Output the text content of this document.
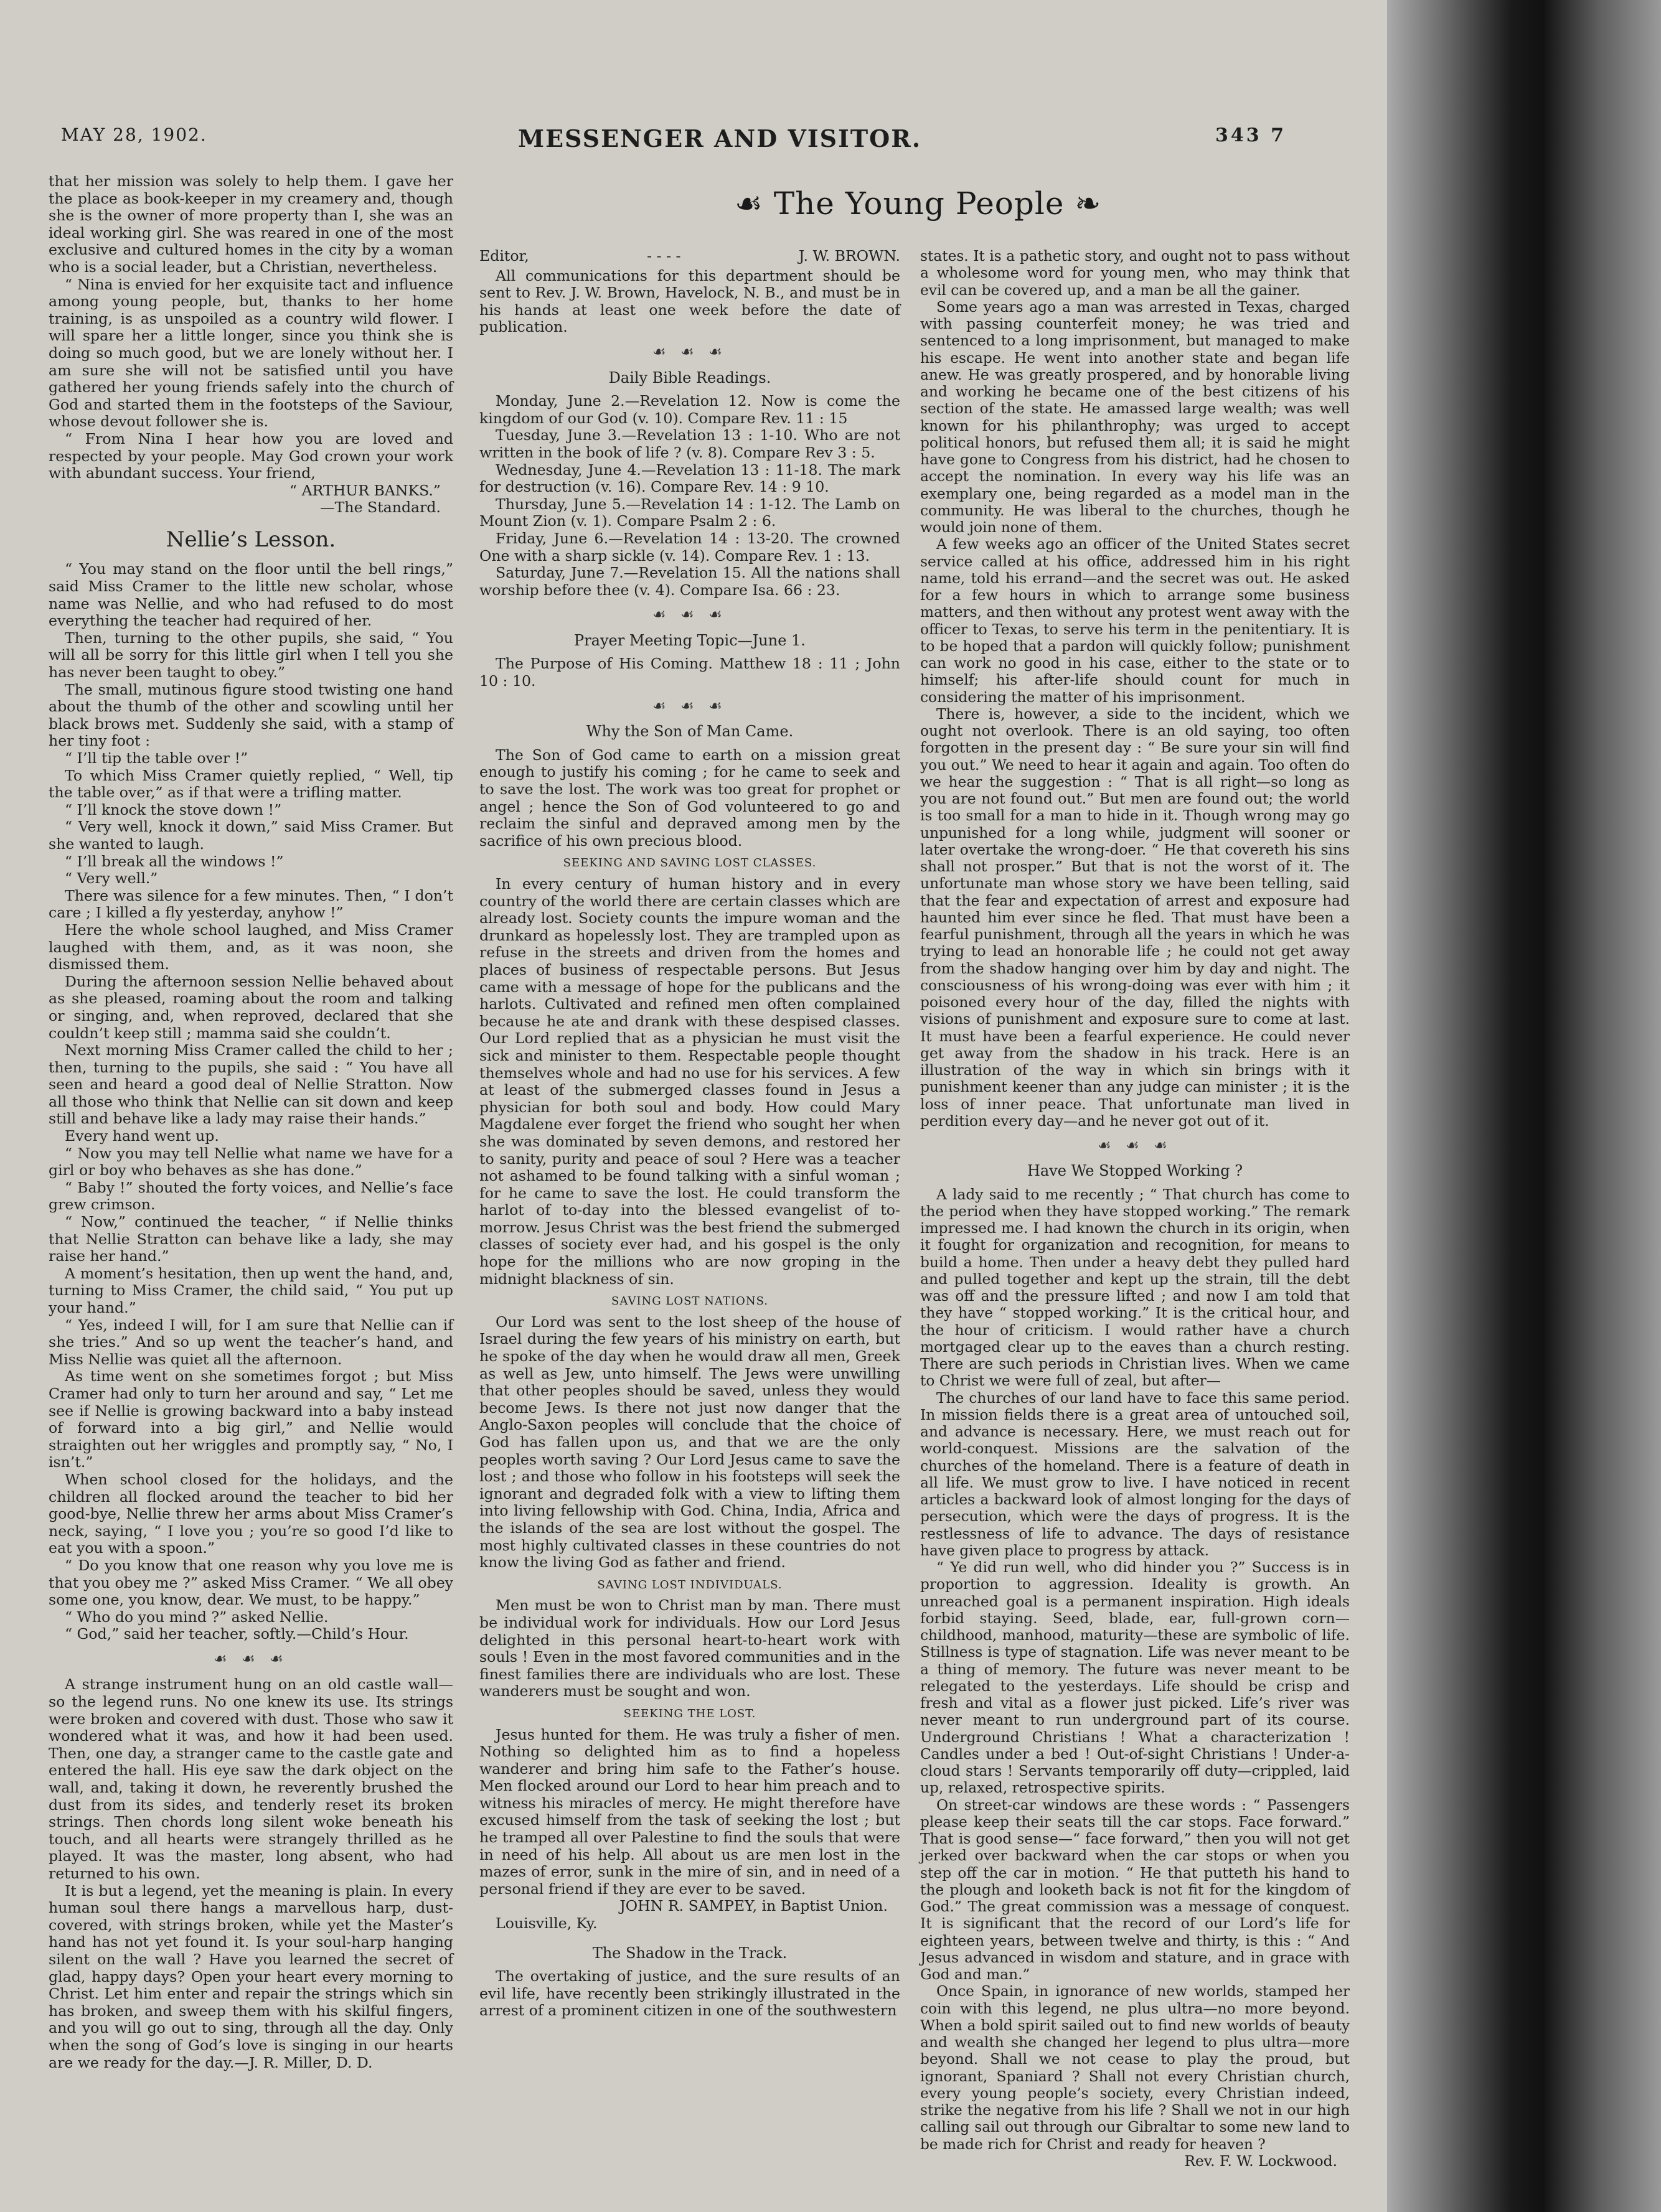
MAY 28, 1902.	MESSENGER AND VISITOR.	343 7
☙ The Young People ❧

that her mission was solely to help them. I gave her the place as book-keeper in my creamery and, though she is the owner of more property than I, she was an ideal working girl. She was reared in one of the most exclusive and cultured homes in the city by a woman who is a social leader, but a Christian, nevertheless.

“ Nina is envied for her exquisite tact and influence among young people, but, thanks to her home training, is as unspoiled as a country wild flower. I will spare her a little longer, since you think she is doing so much good, but we are lonely without her. I am sure she will not be satisfied until you have gathered her young friends safely into the church of God and started them in the footsteps of the Saviour, whose devout follower she is.

“ From Nina I hear how you are loved and respected by your people. May God crown your work with abundant success. Your friend,

“ ARTHUR BANKS.”

—The Standard.

Nellie’s Lesson.

“ You may stand on the floor until the bell rings,” said Miss Cramer to the little new scholar, whose name was Nellie, and who had refused to do most everything the teacher had required of her.

Then, turning to the other pupils, she said, “ You will all be sorry for this little girl when I tell you she has never been taught to obey.”

The small, mutinous figure stood twisting one hand about the thumb of the other and scowling until her black brows met. Suddenly she said, with a stamp of her tiny foot :

“ I’ll tip the table over !”

To which Miss Cramer quietly replied, “ Well, tip the table over,” as if that were a trifling matter.

“ I’ll knock the stove down !”

“ Very well, knock it down,” said Miss Cramer. But she wanted to laugh.

“ I’ll break all the windows !”

“ Very well.”

There was silence for a few minutes. Then, “ I don’t care ; I killed a fly yesterday, anyhow !”

Here the whole school laughed, and Miss Cramer laughed with them, and, as it was noon, she dismissed them.

During the afternoon session Nellie behaved about as she pleased, roaming about the room and talking or singing, and, when reproved, declared that she couldn’t keep still ; mamma said she couldn’t.

Next morning Miss Cramer called the child to her ; then, turning to the pupils, she said : “ You have all seen and heard a good deal of Nellie Stratton. Now all those who think that Nellie can sit down and keep still and behave like a lady may raise their hands.”

Every hand went up.

“ Now you may tell Nellie what name we have for a girl or boy who behaves as she has done.”

“ Baby !” shouted the forty voices, and Nellie’s face grew crimson.

“ Now,” continued the teacher, “ if Nellie thinks that Nellie Stratton can behave like a lady, she may raise her hand.”

A moment’s hesitation, then up went the hand, and, turning to Miss Cramer, the child said, “ You put up your hand.”

“ Yes, indeed I will, for I am sure that Nellie can if she tries.” And so up went the teacher’s hand, and Miss Nellie was quiet all the afternoon.

As time went on she sometimes forgot ; but Miss Cramer had only to turn her around and say, “ Let me see if Nellie is growing backward into a baby instead of forward into a big girl,” and Nellie would straighten out her wriggles and promptly say, “ No, I isn’t.”

When school closed for the holidays, and the children all flocked around the teacher to bid her good-bye, Nellie threw her arms about Miss Cramer’s neck, saying, “ I love you ; you’re so good I’d like to eat you with a spoon.”

“ Do you know that one reason why you love me is that you obey me ?” asked Miss Cramer. “ We all obey some one, you know, dear. We must, to be happy.”

“ Who do you mind ?” asked Nellie.

“ God,” said her teacher, softly.—Child’s Hour.

☙ ☙ ☙

A strange instrument hung on an old castle wall—so the legend runs. No one knew its use. Its strings were broken and covered with dust. Those who saw it wondered what it was, and how it had been used. Then, one day, a stranger came to the castle gate and entered the hall. His eye saw the dark object on the wall, and, taking it down, he reverently brushed the dust from its sides, and tenderly reset its broken strings. Then chords long silent woke beneath his touch, and all hearts were strangely thrilled as he played. It was the master, long absent, who had returned to his own.

It is but a legend, yet the meaning is plain. In every human soul there hangs a marvellous harp, dust-covered, with strings broken, while yet the Master’s hand has not yet found it. Is your soul-harp hanging silent on the wall ? Have you learned the secret of glad, happy days? Open your heart every morning to Christ. Let him enter and repair the strings which sin has broken, and sweep them with his skilful fingers, and you will go out to sing, through all the day. Only when the song of God’s love is singing in our hearts are we ready for the day.—J. R. Miller, D. D.

Editor,	- - - -	J. W. BROWN.

All communications for this department should be sent to Rev. J. W. Brown, Havelock, N. B., and must be in his hands at least one week before the date of publication.

☙ ☙ ☙
Daily Bible Readings.

Monday, June 2.—Revelation 12. Now is come the kingdom of our God (v. 10). Compare Rev. 11 : 15

Tuesday, June 3.—Revelation 13 : 1-10. Who are not written in the book of life ? (v. 8). Compare Rev 3 : 5.

Wednesday, June 4.—Revelation 13 : 11-18. The mark for destruction (v. 16). Compare Rev. 14 : 9 10.

Thursday, June 5.—Revelation 14 : 1-12. The Lamb on Mount Zion (v. 1). Compare Psalm 2 : 6.

Friday, June 6.—Revelation 14 : 13-20. The crowned One with a sharp sickle (v. 14). Compare Rev. 1 : 13.

Saturday, June 7.—Revelation 15. All the nations shall worship before thee (v. 4). Compare Isa. 66 : 23.

☙ ☙ ☙
Prayer Meeting Topic—June 1.

The Purpose of His Coming. Matthew 18 : 11 ; John 10 : 10.

☙ ☙ ☙
Why the Son of Man Came.

The Son of God came to earth on a mission great enough to justify his coming ; for he came to seek and to save the lost. The work was too great for prophet or angel ; hence the Son of God volunteered to go and reclaim the sinful and depraved among men by the sacrifice of his own precious blood.

SEEKING AND SAVING LOST CLASSES.

In every century of human history and in every country of the world there are certain classes which are already lost. Society counts the impure woman and the drunkard as hopelessly lost. They are trampled upon as refuse in the streets and driven from the homes and places of business of respectable persons. But Jesus came with a message of hope for the publicans and the harlots. Cultivated and refined men often complained because he ate and drank with these despised classes. Our Lord replied that as a physician he must visit the sick and minister to them. Respectable people thought themselves whole and had no use for his services. A few at least of the submerged classes found in Jesus a physician for both soul and body. How could Mary Magdalene ever forget the friend who sought her when she was dominated by seven demons, and restored her to sanity, purity and peace of soul ? Here was a teacher not ashamed to be found talking with a sinful woman ; for he came to save the lost. He could transform the harlot of to-day into the blessed evangelist of to-morrow. Jesus Christ was the best friend the submerged classes of society ever had, and his gospel is the only hope for the millions who are now groping in the midnight blackness of sin.

SAVING LOST NATIONS.

Our Lord was sent to the lost sheep of the house of Israel during the few years of his ministry on earth, but he spoke of the day when he would draw all men, Greek as well as Jew, unto himself. The Jews were unwilling that other peoples should be saved, unless they would become Jews. Is there not just now danger that the Anglo-Saxon peoples will conclude that the choice of God has fallen upon us, and that we are the only peoples worth saving ? Our Lord Jesus came to save the lost ; and those who follow in his footsteps will seek the ignorant and degraded folk with a view to lifting them into living fellowship with God. China, India, Africa and the islands of the sea are lost without the gospel. The most highly cultivated classes in these countries do not know the living God as father and friend.

SAVING LOST INDIVIDUALS.

Men must be won to Christ man by man. There must be individual work for individuals. How our Lord Jesus delighted in this personal heart-to-heart work with souls ! Even in the most favored communities and in the finest families there are individuals who are lost. These wanderers must be sought and won.

SEEKING THE LOST.

Jesus hunted for them. He was truly a fisher of men. Nothing so delighted him as to find a hopeless wanderer and bring him safe to the Father’s house. Men flocked around our Lord to hear him preach and to witness his miracles of mercy. He might therefore have excused himself from the task of seeking the lost ; but he tramped all over Palestine to find the souls that were in need of his help. All about us are men lost in the mazes of error, sunk in the mire of sin, and in need of a personal friend if they are ever to be saved.

JOHN R. SAMPEY, in Baptist Union.

Louisville, Ky.

The Shadow in the Track.

The overtaking of justice, and the sure results of an evil life, have recently been strikingly illustrated in the arrest of a prominent citizen in one of the southwestern

states. It is a pathetic story, and ought not to pass without a wholesome word for young men, who may think that evil can be covered up, and a man be all the gainer.

Some years ago a man was arrested in Texas, charged with passing counterfeit money; he was tried and sentenced to a long imprisonment, but managed to make his escape. He went into another state and began life anew. He was greatly prospered, and by honorable living and working he became one of the best citizens of his section of the state. He amassed large wealth; was well known for his philanthrophy; was urged to accept political honors, but refused them all; it is said he might have gone to Congress from his district, had he chosen to accept the nomination. In every way his life was an exemplary one, being regarded as a model man in the community. He was liberal to the churches, though he would join none of them.

A few weeks ago an officer of the United States secret service called at his office, addressed him in his right name, told his errand—and the secret was out. He asked for a few hours in which to arrange some business matters, and then without any protest went away with the officer to Texas, to serve his term in the penitentiary. It is to be hoped that a pardon will quickly follow; punishment can work no good in his case, either to the state or to himself; his after-life should count for much in considering the matter of his imprisonment.

There is, however, a side to the incident, which we ought not overlook. There is an old saying, too often forgotten in the present day : “ Be sure your sin will find you out.” We need to hear it again and again. Too often do we hear the suggestion : “ That is all right—so long as you are not found out.” But men are found out; the world is too small for a man to hide in it. Though wrong may go unpunished for a long while, judgment will sooner or later overtake the wrong-doer. “ He that covereth his sins shall not prosper.” But that is not the worst of it. The unfortunate man whose story we have been telling, said that the fear and expectation of arrest and exposure had haunted him ever since he fled. That must have been a fearful punishment, through all the years in which he was trying to lead an honorable life ; he could not get away from the shadow hanging over him by day and night. The consciousness of his wrong-doing was ever with him ; it poisoned every hour of the day, filled the nights with visions of punishment and exposure sure to come at last. It must have been a fearful experience. He could never get away from the shadow in his track. Here is an illustration of the way in which sin brings with it punishment keener than any judge can minister ; it is the loss of inner peace. That unfortunate man lived in perdition every day—and he never got out of it.

☙ ☙ ☙
Have We Stopped Working ?

A lady said to me recently ; “ That church has come to the period when they have stopped working.” The remark impressed me. I had known the church in its origin, when it fought for organization and recognition, for means to build a home. Then under a heavy debt they pulled hard and pulled together and kept up the strain, till the debt was off and the pressure lifted ; and now I am told that they have “ stopped working.” It is the critical hour, and the hour of criticism. I would rather have a church mortgaged clear up to the eaves than a church resting. There are such periods in Christian lives. When we came to Christ we were full of zeal, but after—

The churches of our land have to face this same period. In mission fields there is a great area of untouched soil, and advance is necessary. Here, we must reach out for world-conquest. Missions are the salvation of the churches of the homeland. There is a feature of death in all life. We must grow to live. I have noticed in recent articles a backward look of almost longing for the days of persecution, which were the days of progress. It is the restlessness of life to advance. The days of resistance have given place to progress by attack.

“ Ye did run well, who did hinder you ?” Success is in proportion to aggression. Ideality is growth. An unreached goal is a permanent inspiration. High ideals forbid staying. Seed, blade, ear, full-grown corn—childhood, manhood, maturity—these are symbolic of life. Stillness is type of stagnation. Life was never meant to be a thing of memory. The future was never meant to be relegated to the yesterdays. Life should be crisp and fresh and vital as a flower just picked. Life’s river was never meant to run underground part of its course. Underground Christians ! What a characterization ! Candles under a bed ! Out-of-sight Christians ! Under-a-cloud stars ! Servants temporarily off duty—crippled, laid up, relaxed, retrospective spirits.

On street-car windows are these words : “ Passengers please keep their seats till the car stops. Face forward.” That is good sense—“ face forward,” then you will not get jerked over backward when the car stops or when you step off the car in motion. “ He that putteth his hand to the plough and looketh back is not fit for the kingdom of God.” The great commission was a message of conquest. It is significant that the record of our Lord’s life for eighteen years, between twelve and thirty, is this : “ And Jesus advanced in wisdom and stature, and in grace with God and man.”

Once Spain, in ignorance of new worlds, stamped her coin with this legend, ne plus ultra—no more beyond. When a bold spirit sailed out to find new worlds of beauty and wealth she changed her legend to plus ultra—more beyond. Shall we not cease to play the proud, but ignorant, Spaniard ? Shall not every Christian church, every young people’s society, every Christian indeed, strike the negative from his life ? Shall we not in our high calling sail out through our Gibraltar to some new land to be made rich for Christ and ready for heaven ?

Rev. F. W. Lockwood.
